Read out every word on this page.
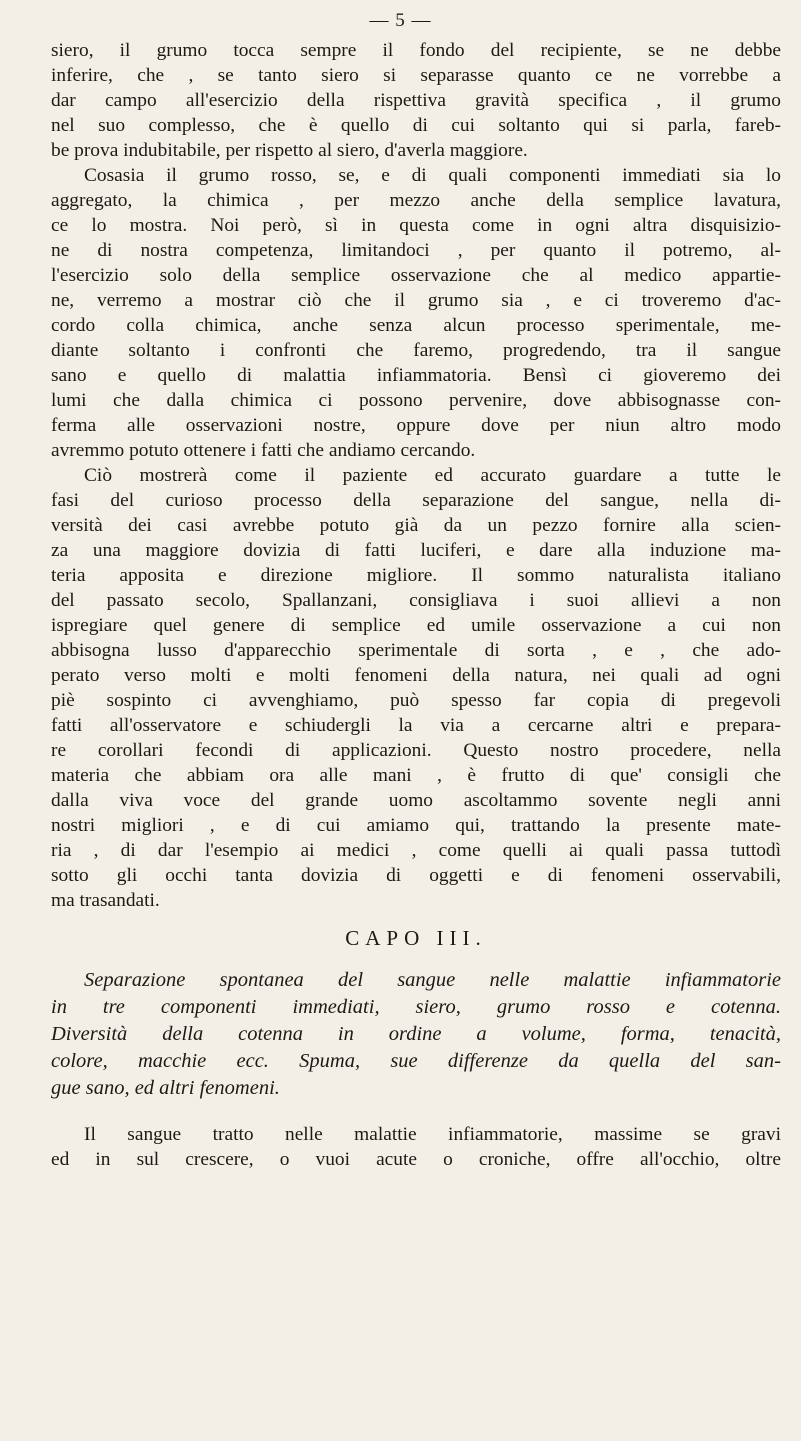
— 5 —
siero, il grumo tocca sempre il fondo del recipiente, se ne debbe
inferire, che , se tanto siero si separasse quanto ce ne vorrebbe a
dar campo all'esercizio della rispettiva gravità specifica , il grumo
nel suo complesso, che è quello di cui soltanto qui si parla, fareb-
be prova indubitabile, per rispetto al siero, d'averla maggiore.
Cosasia il grumo rosso, se, e di quali componenti immediati sia lo
aggregato, la chimica , per mezzo anche della semplice lavatura,
ce lo mostra. Noi però, sì in questa come in ogni altra disquisizio-
ne di nostra competenza, limitandoci , per quanto il potremo, al-
l'esercizio solo della semplice osservazione che al medico appartie-
ne, verremo a mostrar ciò che il grumo sia , e ci troveremo d'ac-
cordo colla chimica, anche senza alcun processo sperimentale, me-
diante soltanto i confronti che faremo, progredendo, tra il sangue
sano e quello di malattia infiammatoria. Bensì ci gioveremo dei
lumi che dalla chimica ci possono pervenire, dove abbisognasse con-
ferma alle osservazioni nostre, oppure dove per niun altro modo
avremmo potuto ottenere i fatti che andiamo cercando.
Ciò mostrerà come il paziente ed accurato guardare a tutte le
fasi del curioso processo della separazione del sangue, nella di-
versità dei casi avrebbe potuto già da un pezzo fornire alla scien-
za una maggiore dovizia di fatti luciferi, e dare alla induzione ma-
teria apposita e direzione migliore. Il sommo naturalista italiano
del passato secolo, Spallanzani, consigliava i suoi allievi a non
ispregiare quel genere di semplice ed umile osservazione a cui non
abbisogna lusso d'apparecchio sperimentale di sorta , e , che ado-
perato verso molti e molti fenomeni della natura, nei quali ad ogni
piè sospinto ci avvenghiamo, può spesso far copia di pregevoli
fatti all'osservatore e schiudergli la via a cercarne altri e prepara-
re corollari fecondi di applicazioni. Questo nostro procedere, nella
materia che abbiam ora alle mani , è frutto di que' consigli che
dalla viva voce del grande uomo ascoltammo sovente negli anni
nostri migliori , e di cui amiamo qui, trattando la presente mate-
ria , di dar l'esempio ai medici , come quelli ai quali passa tuttodì
sotto gli occhi tanta dovizia di oggetti e di fenomeni osservabili,
ma trasandati.
CAPO III.
Separazione spontanea del sangue nelle malattie infiammatorie
in tre componenti immediati, siero, grumo rosso e cotenna.
Diversità della cotenna in ordine a volume, forma, tenacità,
colore, macchie ecc. Spuma, sue differenze da quella del san-
gue sano, ed altri fenomeni.
Il sangue tratto nelle malattie infiammatorie, massime se gravi
ed in sul crescere, o vuoi acute o croniche, offre all'occhio, oltre
